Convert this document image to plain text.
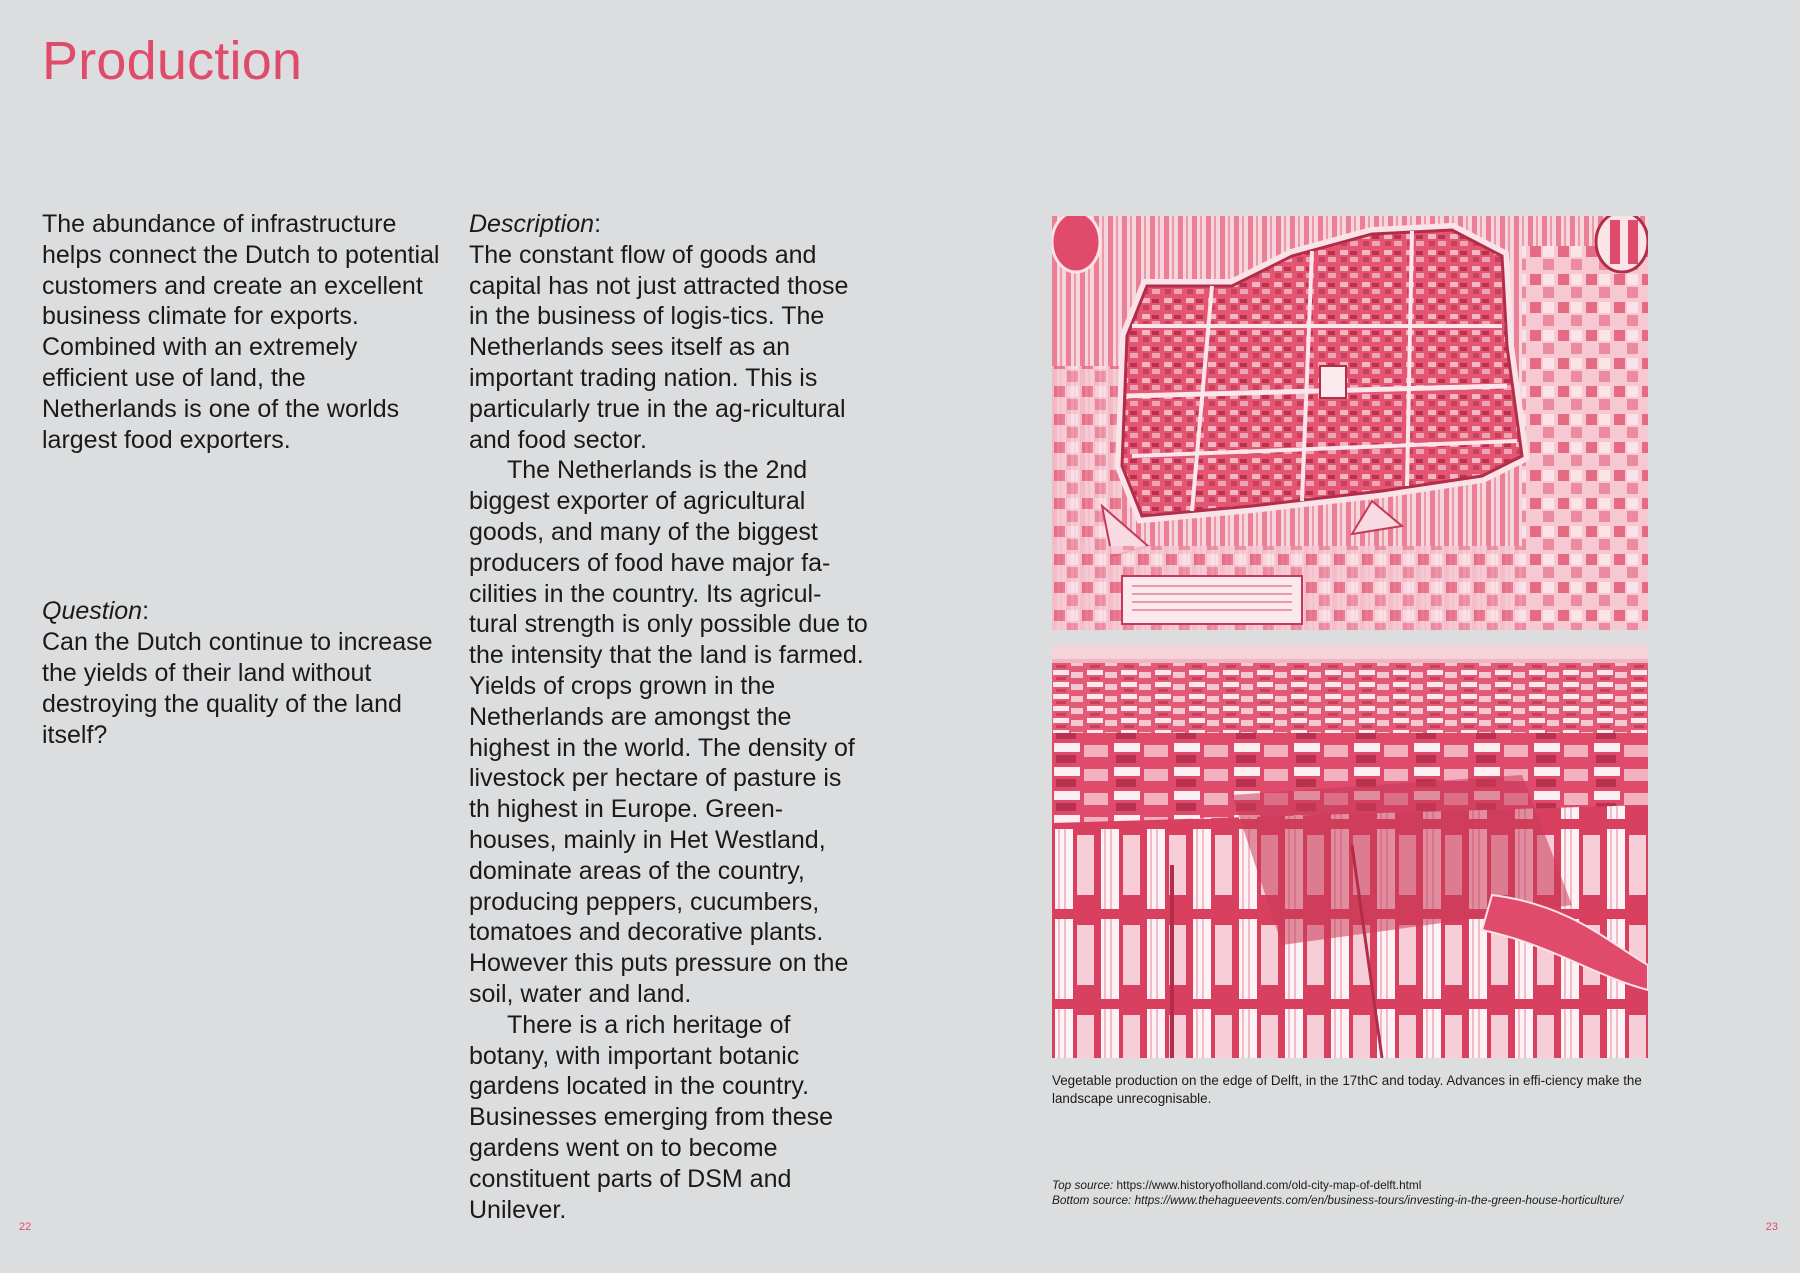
Production

The abundance of infrastructure helps connect the Dutch to potential customers and create an excellent business climate for exports. Combined with an extremely efficient use of land, the Netherlands is one of the worlds largest food exporters.

Question:

Can the Dutch continue to increase the yields of their land without destroying the quality of the land itself?

Description:

The constant flow of goods and capital has not just attracted those in the business of logis-tics. The Netherlands sees itself as an important trading nation. This is particularly true in the ag-ricultural and food sector.

The Netherlands is the 2nd biggest exporter of agricultural goods, and many of the biggest producers of food have major fa-cilities in the country. Its agricul-tural strength is only possible due to the intensity that the land is farmed. Yields of crops grown in the Netherlands are amongst the highest in the world. The density of livestock per hectare of pasture is th highest in Europe. Green-houses, mainly in Het Westland, dominate areas of the country, producing peppers, cucumbers, tomatoes and decorative plants. However this puts pressure on the soil, water and land.

There is a rich heritage of botany, with important botanic gardens located in the country. Businesses emerging from these gardens went on to become constituent parts of DSM and Unilever.

Vegetable production on the edge of Delft, in the 17thC and today. Advances in effi-ciency make the landscape unrecognisable.

Top source: https://www.historyofholland.com/old-city-map-of-delft.html

Bottom source: https://www.thehagueevents.com/en/business-tours/investing-in-the-green-house-horticulture/

22	23
